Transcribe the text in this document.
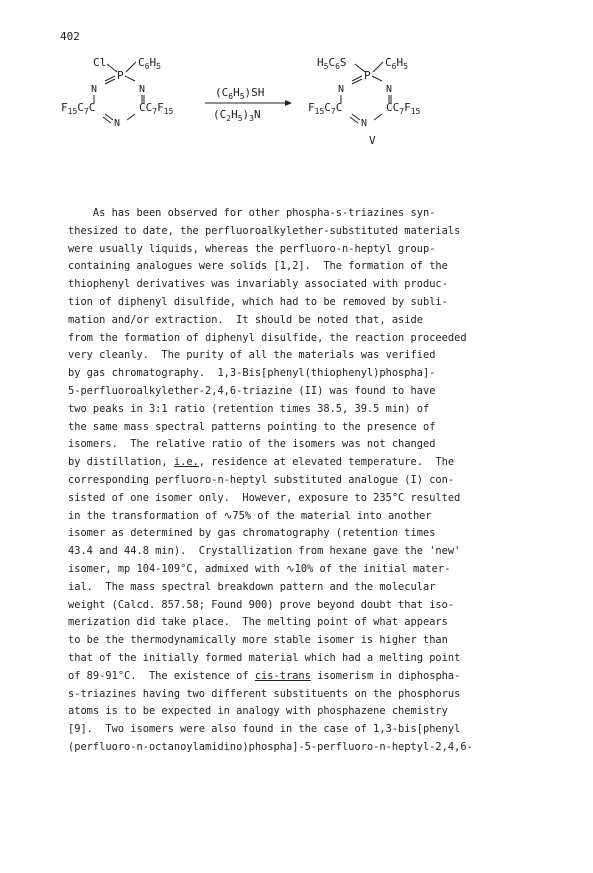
402
Cl	$C_6H_5$
P
N	N
$F_{15}C_7C$	$CC_7F_{15}$
N
$(C_6H_5)SH$
$(C_2H_5)_3N$
$H_5C_6S$	$C_6H_5$
P
N	N
$F_{15}C_7C$	$CC_7F_{15}$
N
V
As has been observed for other phospha-s-triazines syn-
thesized to date, the perfluoroalkylether-substituted materials
were usually liquids, whereas the perfluoro-n-heptyl group-
containing analogues were solids [1,2].  The formation of the
thiophenyl derivatives was invariably associated with produc-
tion of diphenyl disulfide, which had to be removed by subli-
mation and/or extraction.  It should be noted that, aside
from the formation of diphenyl disulfide, the reaction proceeded
very cleanly.  The purity of all the materials was verified
by gas chromatography.  1,3-Bis[phenyl(thiophenyl)phospha]-
5-perfluoroalkylether-2,4,6-triazine (II) was found to have
two peaks in 3:1 ratio (retention times 38.5, 39.5 min) of
the same mass spectral patterns pointing to the presence of
isomers.  The relative ratio of the isomers was not changed
by distillation, i.e., residence at elevated temperature.  The
corresponding perfluoro-n-heptyl substituted analogue (I) con-
sisted of one isomer only.  However, exposure to 235°C resulted
in the transformation of ∿75% of the material into another
isomer as determined by gas chromatography (retention times
43.4 and 44.8 min).  Crystallization from hexane gave the 'new'
isomer, mp 104-109°C, admixed with ∿10% of the initial mater-
ial.  The mass spectral breakdown pattern and the molecular
weight (Calcd. 857.58; Found 900) prove beyond doubt that iso-
merization did take place.  The melting point of what appears
to be the thermodynamically more stable isomer is higher than
that of the initially formed material which had a melting point
of 89-91°C.  The existence of cis-trans isomerism in diphospha-
s-triazines having two different substituents on the phosphorus
atoms is to be expected in analogy with phosphazene chemistry
[9].  Two isomers were also found in the case of 1,3-bis[phenyl
(perfluoro-n-octanoylamidino)phospha]-5-perfluoro-n-heptyl-2,4,6-
